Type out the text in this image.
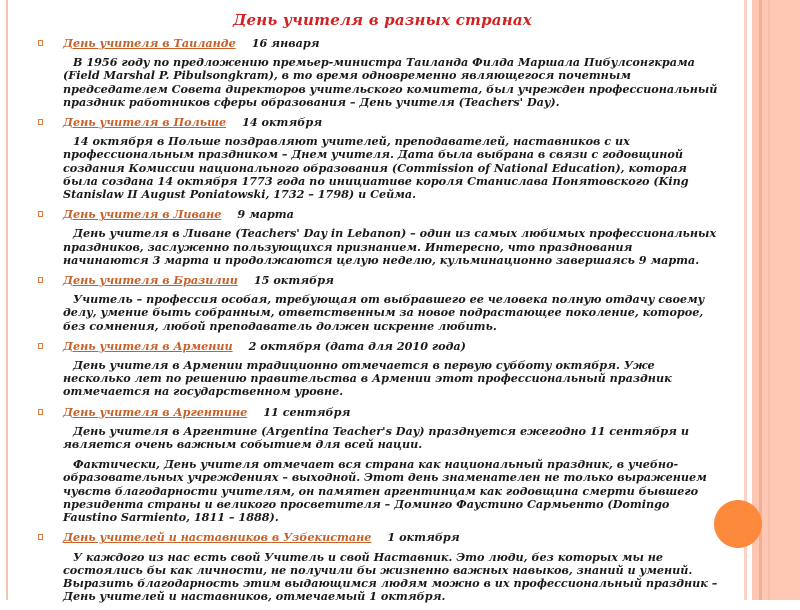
День учителя в разных странах
День учителя в Таиланде 16 января

В 1956 году по предложению премьер-министра Таиланда Филда Маршала Пибулсонгкрама (Field Marshal P. Pibulsongkram), в то время одновременно являющегося почетным председателем Совета директоров учительского комитета, был учрежден профессиональный праздник работников сферы образования – День учителя (Teachers' Day).

День учителя в Польше 14 октября

14 октября в Польше поздравляют учителей, преподавателей, наставников с их профессиональным праздником – Днем учителя. Дата была выбрана в связи с годовщиной создания Комиссии национального образования (Commission of National Education), которая была создана 14 октября 1773 года по инициативе короля Станислава Понятовского (King Stanislaw II August Poniatowski, 1732 – 1798) и Сейма.

День учителя в Ливане 9 марта

День учителя в Ливане (Teachers' Day in Lebanon) – один из самых любимых профессиональных праздников, заслуженно пользующихся признанием. Интересно, что празднования начинаются 3 марта и продолжаются целую неделю, кульминационно завершаясь 9 марта.

День учителя в Бразилии 15 октября

Учитель – профессия особая, требующая от выбравшего ее человека полную отдачу своему делу, умение быть собранным, ответственным за новое подрастающее поколение, которое, без сомнения, любой преподаватель должен искренне любить.

День учителя в Армении 2 октября (дата для 2010 года)

День учителя в Армении традиционно отмечается в первую субботу октября. Уже несколько лет по решению правительства в Армении этот профессиональный праздник отмечается на государственном уровне.

День учителя в Аргентине 11 сентября

День учителя в Аргентине (Argentina Teacher's Day) празднуется ежегодно 11 сентября и является очень важным событием для всей нации.

Фактически, День учителя отмечает вся страна как национальный праздник, в учебно-образовательных учреждениях – выходной. Этот день знаменателен не только выражением чувств благодарности учителям, он памятен аргентинцам как годовщина смерти бывшего президента страны и великого просветителя – Доминго Фаустино Сармьенто (Domingo Faustino Sarmiento, 1811 – 1888).

День учителей и наставников в Узбекистане 1 октября

У каждого из нас есть свой Учитель и свой Наставник. Это люди, без которых мы не состоялись бы как личности, не получили бы жизненно важных навыков, знаний и умений. Выразить благодарность этим выдающимся людям можно в их профессиональный праздник – День учителей и наставников, отмечаемый 1 октября.
